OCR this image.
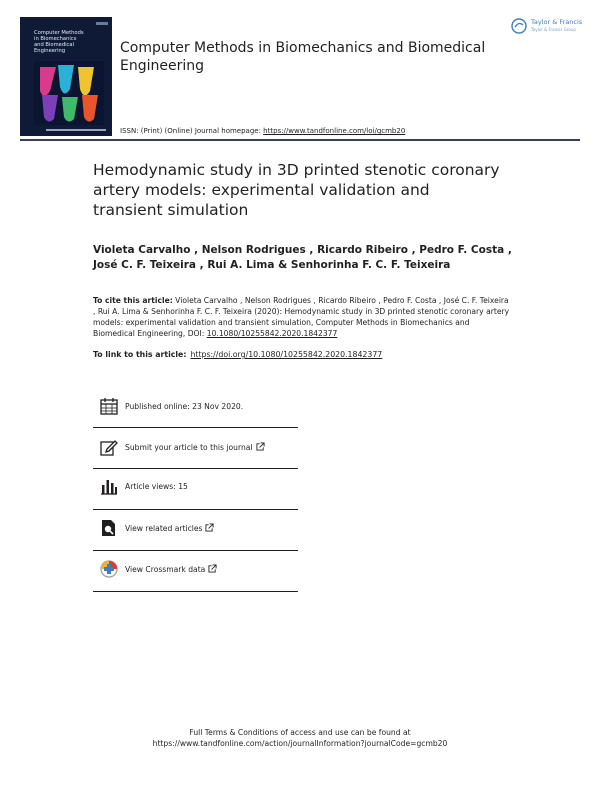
Computer Methods
in Biomechanics
and Biomedical
Engineering	Computer Methods in Biomechanics and Biomedical Engineering
Taylor & Francis
Taylor & Francis Group
ISSN: (Print) (Online) Journal homepage: https://www.tandfonline.com/loi/gcmb20
Hemodynamic study in 3D printed stenotic coronary artery models: experimental validation and transient simulation
Violeta Carvalho , Nelson Rodrigues , Ricardo Ribeiro , Pedro F. Costa , José C. F. Teixeira , Rui A. Lima & Senhorinha F. C. F. Teixeira
To cite this article: Violeta Carvalho , Nelson Rodrigues , Ricardo Ribeiro , Pedro F. Costa , José C. F. Teixeira , Rui A. Lima & Senhorinha F. C. F. Teixeira (2020): Hemodynamic study in 3D printed stenotic coronary artery models: experimental validation and transient simulation, Computer Methods in Biomechanics and Biomedical Engineering, DOI: 10.1080/10255842.2020.1842377
To link to this article: https://doi.org/10.1080/10255842.2020.1842377
Published online: 23 Nov 2020.
Submit your article to this journal
Article views: 15
View related articles
View Crossmark data
Full Terms & Conditions of access and use can be found at
https://www.tandfonline.com/action/journalInformation?journalCode=gcmb20
